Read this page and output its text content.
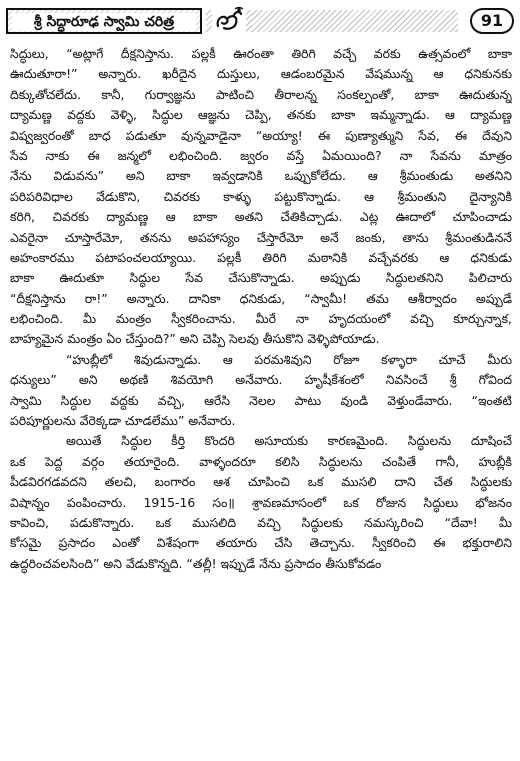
శ్రీ సిద్ధారూఢ స్వామి చరిత్ర	91
సిద్ధులు, “అట్లాగే దీక్షనిస్తాను. పల్లకీ ఊరంతా తిరిగి వచ్చే వరకు ఉత్సవంలో బాకా
ఊదుతూరా!” అన్నారు. ఖరీదైన దుస్తులు, ఆడంబరమైన వేషమున్న ఆ ధనికునకు
దిక్కుతోచలేదు. కానీ, గుర్వాజ్ఞను పాటించి తీరాలన్న సంకల్పంతో, బాకా ఊదుతున్న
ద్యామణ్ణ వద్దకు వెళ్ళి, సిద్ధుల ఆజ్ఞను చెప్పి, తనకు బాకా ఇమ్మన్నాడు. ఆ ద్యామణ్ణ
విష్వజ్వరంతో బాధ పడుతూ వున్నవాడైనా “అయ్యా! ఈ పుణ్యాత్ముని సేవ, ఈ దేవుని
సేవ నాకు ఈ జన్మలో లభించింది. జ్వరం వస్తే ఏమయింది? నా సేవను మాత్రం
నేను విడువను” అని బాకా ఇవ్వడానికి ఒప్పుకోలేదు. ఆ శ్రీమంతుడు అతనిని
పరిపరివిధాల వేడుకొని, చివరకు కాళ్ళు పట్టుకొన్నాడు. ఆ శ్రీమంతుని దైన్యానికి
కరిగి, చివరకు ద్యామణ్ణ ఆ బాకా అతని చేతికిచ్చాడు. ఎట్ల ఊదాలో చూపించాడు
ఎవరైనా చూస్తారేమో, తనను అపహాస్యం చేస్తారేమో అనే జంకు, తాను శ్రీమంతుడిననే
అహంకారము పటాపంచలయ్యాయి. పల్లకీ తిరిగి మఠానికి వచ్చేవరకు ఆ ధనికుడు
బాకా ఊదుతూ సిద్ధుల సేవ చేసుకొన్నాడు. అప్పుడు సిద్ధులతనిని పిలిచారు
“దీక్షనిస్తాను రా!” అన్నారు. దానికా ధనికుడు, “స్వామీ! తమ ఆశీర్వాదం అప్పుడే
లభించింది. మీ మంత్రం స్వీకరించాను. మీరే నా హృదయంలో వచ్చి కూర్చున్నాక,
బాహ్యమైన మంత్రం ఏం చేస్తుంది?” అని చెప్పి సెలవు తీసుకొని వెళ్ళిపోయాడు.
“హుబ్లీలో శివుడున్నాడు. ఆ పరమశివుని రోజూ కళ్ళారా చూచే మీరు
ధన్యులు” అని అథణి శివయోగి అనేవారు. హృషీకేశంలో నివసించే శ్రీ గోవింద
స్వామి సిద్ధుల వద్దకు వచ్చి, ఆరేసి నెలల పాటు వుండి వెళ్తుండేవారు. “ఇంతటి
పరిపూర్ణులను వేరెక్కడా చూడలేము” అనేవారు.
అయితే సిద్ధుల కీర్తి కొందరి అసూయకు కారణమైంది. సిద్ధులను దూషించే
ఒక పెద్ద వర్గం తయారైంది. వాళ్ళందరూ కలిసి సిద్ధులను చంపితే గానీ, హుబ్లీకి
పీడవిరగడవదని తలచి, బంగారం ఆశ చూపించి ఒక ముసలి దాని చేత సిద్ధులకు
విషాన్నం పంపించారు. 1915-16 సం॥ శ్రావణమాసంలో ఒక రోజున సిద్ధులు భోజనం
కావించి, పడుకొన్నారు. ఒక ముసలిది వచ్చి సిద్ధులకు నమస్కరించి “దేవా! మీ
కోసమై ప్రసాదం ఎంతో విశేషంగా తయారు చేసి తెచ్చాను. స్వీకరించి ఈ భక్తురాలిని
ఉద్ధరించవలసింది” అని వేడుకొన్నది. “తల్లీ! ఇప్పుడే నేను ప్రసాదం తీసుకోవడం
